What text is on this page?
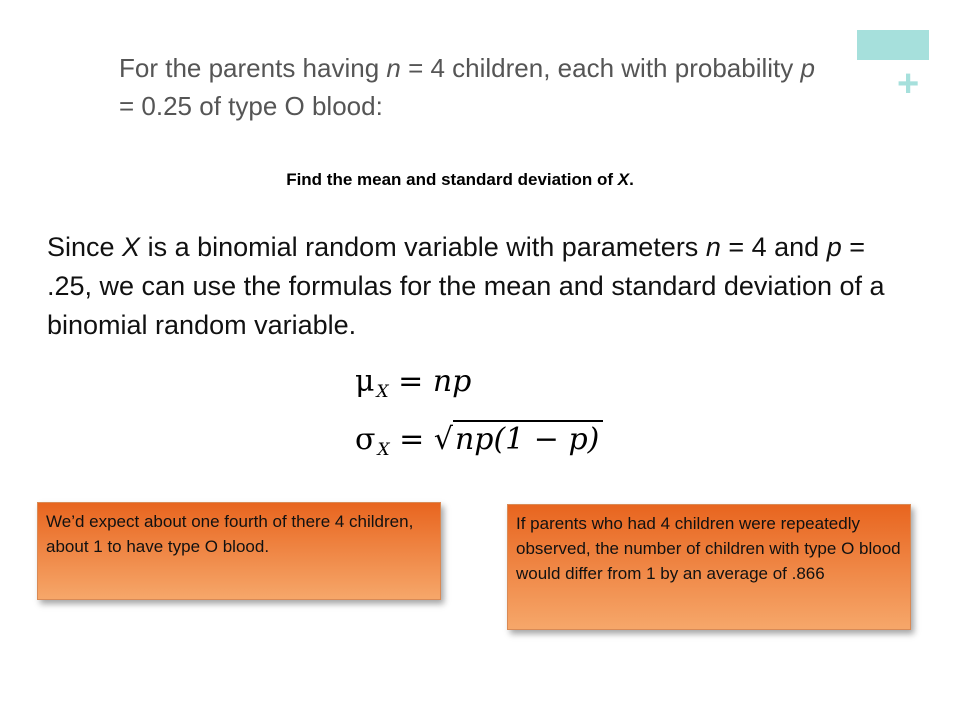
+
For the parents having n = 4 children, each with probability p = 0.25 of type O blood:
Find the mean and standard deviation of X.
Since X is a binomial random variable with parameters n = 4 and p = .25, we can use the formulas for the mean and standard deviation of a binomial random variable.
μ $_X$ = np
σ $_X$ = √np(1 − p)
We’d expect about one fourth of there 4 children, about 1 to have type O blood.
If parents who had 4 children were repeatedly observed, the number of children with type O blood would differ from 1 by an average of .866
